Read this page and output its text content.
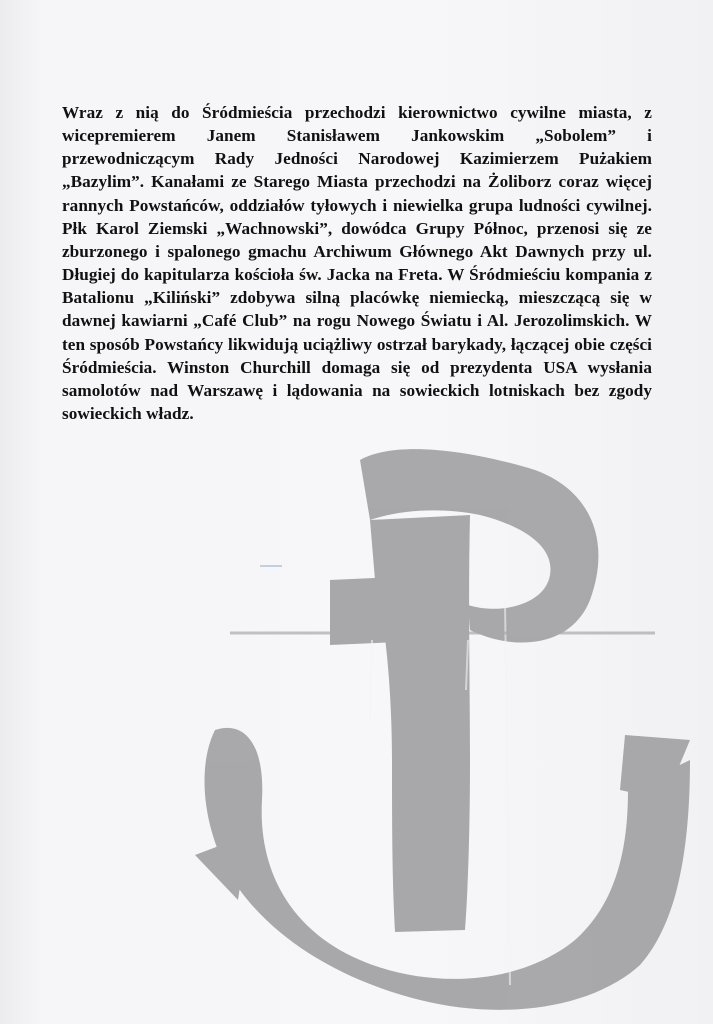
Wraz z nią do Śródmieścia przechodzi kierownictwo cywilne miasta, z wicepremierem Janem Stanisławem Jankowskim „Sobolem” i przewodniczącym Rady Jedności Narodowej Kazimierzem Pużakiem „Bazylim”. Kanałami ze Starego Miasta przechodzi na Żoliborz coraz więcej rannych Powstańców, oddziałów tyłowych i niewielka grupa ludności cywilnej. Płk Karol Ziemski „Wachnowski”, dowódca Grupy Północ, przenosi się ze zburzonego i spalonego gmachu Archiwum Głównego Akt Dawnych przy ul. Długiej do kapitularza kościoła św. Jacka na Freta. W Śródmieściu kompania z Batalionu „Kiliński” zdobywa silną placówkę niemiecką, mieszczącą się w dawnej kawiarni „Café Club” na rogu Nowego Światu i Al. Jerozolimskich. W ten sposób Powstańcy likwidują uciążliwy ostrzał barykady, łączącej obie części Śródmieścia. Winston Churchill domaga się od prezydenta USA wysłania samolotów nad Warszawę i lądowania na sowieckich lotniskach bez zgody sowieckich władz.
